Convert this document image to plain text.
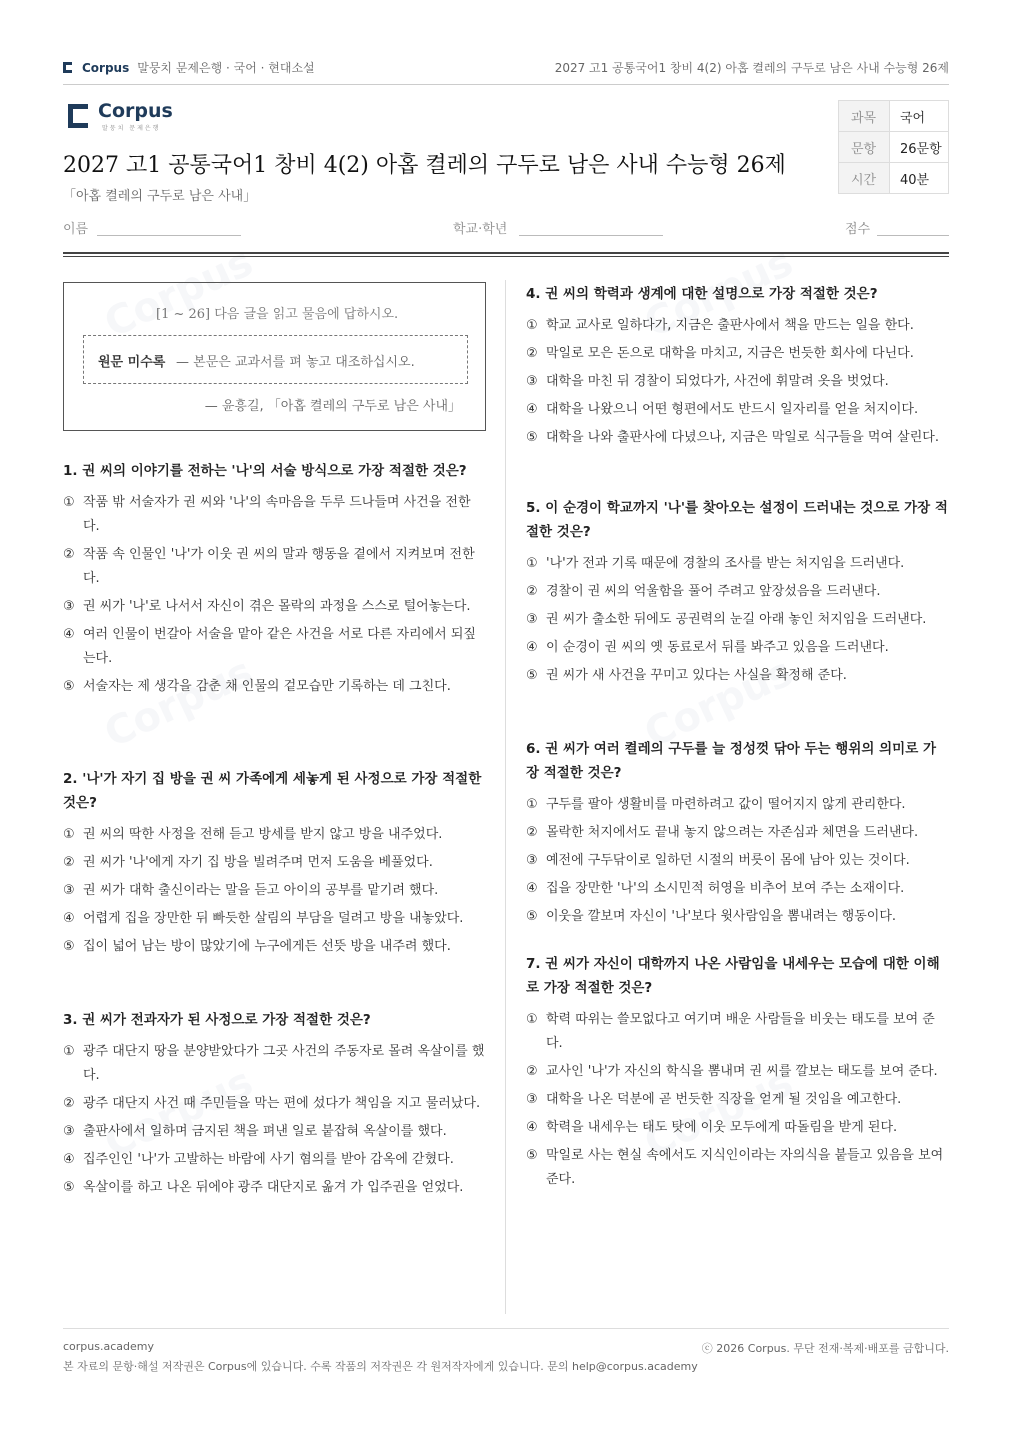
Corpus 말뭉치 문제은행 · 국어 · 현대소설	2027 고1 공통국어1 창비 4(2) 아홉 켤레의 구두로 남은 사내 수능형 26제
Corpus
말뭉치 문제은행
2027 고1 공통국어1 창비 4(2) 아홉 켤레의 구두로 남은 사내 수능형 26제
「아홉 켤레의 구두로 남은 사내」
과목	국어
문항	26문항
시간	40분
이름	학교·학년	점수
[1 ~ 26] 다음 글을 읽고 물음에 답하시오.
원문 미수록 — 본문은 교과서를 펴 놓고 대조하십시오.
— 윤흥길, 「아홉 켤레의 구두로 남은 사내」

1. 권 씨의 이야기를 전하는 '나'의 서술 방식으로 가장 적절한 것은?

① 작품 밖 서술자가 권 씨와 '나'의 속마음을 두루 드나들며 사건을 전한다.
② 작품 속 인물인 '나'가 이웃 권 씨의 말과 행동을 곁에서 지켜보며 전한다.
③ 권 씨가 '나'로 나서서 자신이 겪은 몰락의 과정을 스스로 털어놓는다.
④ 여러 인물이 번갈아 서술을 맡아 같은 사건을 서로 다른 자리에서 되짚는다.
⑤ 서술자는 제 생각을 감춘 채 인물의 겉모습만 기록하는 데 그친다.

2. '나'가 자기 집 방을 권 씨 가족에게 세놓게 된 사정으로 가장 적절한 것은?

① 권 씨의 딱한 사정을 전해 듣고 방세를 받지 않고 방을 내주었다.
② 권 씨가 '나'에게 자기 집 방을 빌려주며 먼저 도움을 베풀었다.
③ 권 씨가 대학 출신이라는 말을 듣고 아이의 공부를 맡기려 했다.
④ 어렵게 집을 장만한 뒤 빠듯한 살림의 부담을 덜려고 방을 내놓았다.
⑤ 집이 넓어 남는 방이 많았기에 누구에게든 선뜻 방을 내주려 했다.

3. 권 씨가 전과자가 된 사정으로 가장 적절한 것은?

① 광주 대단지 땅을 분양받았다가 그곳 사건의 주동자로 몰려 옥살이를 했다.
② 광주 대단지 사건 때 주민들을 막는 편에 섰다가 책임을 지고 물러났다.
③ 출판사에서 일하며 금지된 책을 펴낸 일로 붙잡혀 옥살이를 했다.
④ 집주인인 '나'가 고발하는 바람에 사기 혐의를 받아 감옥에 갇혔다.
⑤ 옥살이를 하고 나온 뒤에야 광주 대단지로 옮겨 가 입주권을 얻었다.

4. 권 씨의 학력과 생계에 대한 설명으로 가장 적절한 것은?

① 학교 교사로 일하다가, 지금은 출판사에서 책을 만드는 일을 한다.
② 막일로 모은 돈으로 대학을 마치고, 지금은 번듯한 회사에 다닌다.
③ 대학을 마친 뒤 경찰이 되었다가, 사건에 휘말려 옷을 벗었다.
④ 대학을 나왔으니 어떤 형편에서도 반드시 일자리를 얻을 처지이다.
⑤ 대학을 나와 출판사에 다녔으나, 지금은 막일로 식구들을 먹여 살린다.

5. 이 순경이 학교까지 '나'를 찾아오는 설정이 드러내는 것으로 가장 적절한 것은?

① '나'가 전과 기록 때문에 경찰의 조사를 받는 처지임을 드러낸다.
② 경찰이 권 씨의 억울함을 풀어 주려고 앞장섰음을 드러낸다.
③ 권 씨가 출소한 뒤에도 공권력의 눈길 아래 놓인 처지임을 드러낸다.
④ 이 순경이 권 씨의 옛 동료로서 뒤를 봐주고 있음을 드러낸다.
⑤ 권 씨가 새 사건을 꾸미고 있다는 사실을 확정해 준다.

6. 권 씨가 여러 켤레의 구두를 늘 정성껏 닦아 두는 행위의 의미로 가장 적절한 것은?

① 구두를 팔아 생활비를 마련하려고 값이 떨어지지 않게 관리한다.
② 몰락한 처지에서도 끝내 놓지 않으려는 자존심과 체면을 드러낸다.
③ 예전에 구두닦이로 일하던 시절의 버릇이 몸에 남아 있는 것이다.
④ 집을 장만한 '나'의 소시민적 허영을 비추어 보여 주는 소재이다.
⑤ 이웃을 깔보며 자신이 '나'보다 윗사람임을 뽐내려는 행동이다.

7. 권 씨가 자신이 대학까지 나온 사람임을 내세우는 모습에 대한 이해로 가장 적절한 것은?

① 학력 따위는 쓸모없다고 여기며 배운 사람들을 비웃는 태도를 보여 준다.
② 교사인 '나'가 자신의 학식을 뽐내며 권 씨를 깔보는 태도를 보여 준다.
③ 대학을 나온 덕분에 곧 번듯한 직장을 얻게 될 것임을 예고한다.
④ 학력을 내세우는 태도 탓에 이웃 모두에게 따돌림을 받게 된다.
⑤ 막일로 사는 현실 속에서도 지식인이라는 자의식을 붙들고 있음을 보여 준다.
corpus.academy	ⓒ 2026 Corpus. 무단 전재·복제·배포를 금합니다.
본 자료의 문항·해설 저작권은 Corpus에 있습니다. 수록 작품의 저작권은 각 원저작자에게 있습니다. 문의 help@corpus.academy
